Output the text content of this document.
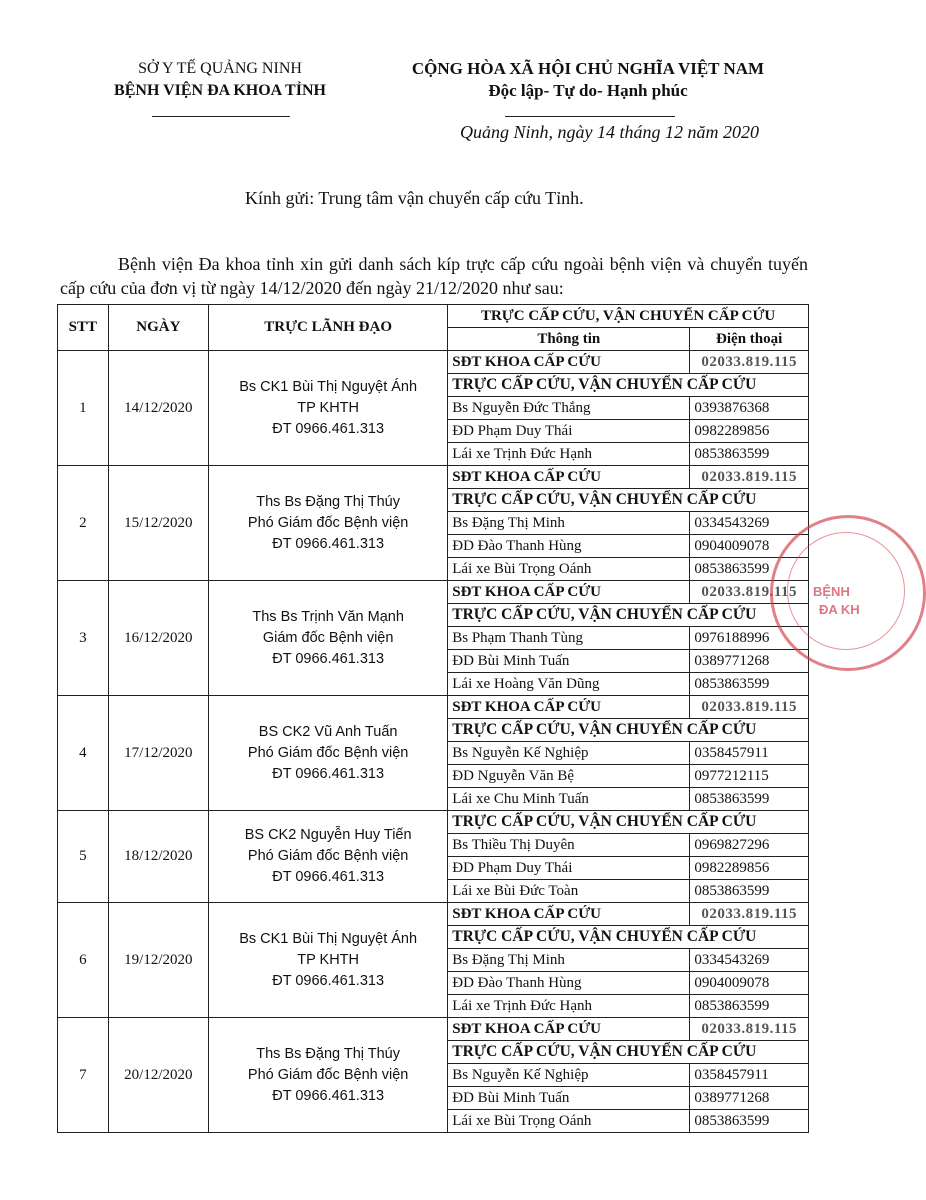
SỞ Y TẾ QUẢNG NINH
BỆNH VIỆN ĐA KHOA TỈNH
CỘNG HÒA XÃ HỘI CHỦ NGHĨA VIỆT NAM
Độc lập- Tự do- Hạnh phúc
Quảng Ninh, ngày 14 tháng 12 năm 2020
Kính gửi: Trung tâm vận chuyển cấp cứu Tỉnh.
Bệnh viện Đa khoa tỉnh xin gửi danh sách kíp trực cấp cứu ngoài bệnh viện và chuyển tuyến cấp cứu của đơn vị từ ngày 14/12/2020 đến ngày 21/12/2020 như sau:
STT	NGÀY	TRỰC LÃNH ĐẠO	TRỰC CẤP CỨU, VẬN CHUYỂN CẤP CỨU	
			Thông tin	Điện thoại
1	14/12/2020	Bs CK1 Bùi Thị Nguyệt Ánh
TP KHTH
ĐT 0966.461.313	SĐT KHOA CẤP CỨU	02033.819.115
			TRỰC CẤP CỨU, VẬN CHUYỂN CẤP CỨU	
			Bs Nguyễn Đức Thắng	0393876368
			ĐD Phạm Duy Thái	0982289856
			Lái xe Trịnh Đức Hạnh	0853863599
2	15/12/2020	Ths Bs Đặng Thị Thúy
Phó Giám đốc Bệnh viện
ĐT 0966.461.313	SĐT KHOA CẤP CỨU	02033.819.115
			TRỰC CẤP CỨU, VẬN CHUYỂN CẤP CỨU	
			Bs Đặng Thị Minh	0334543269
			ĐD Đào Thanh Hùng	0904009078
			Lái xe Bùi Trọng Oánh	0853863599
3	16/12/2020	Ths Bs Trịnh Văn Mạnh
Giám đốc Bệnh viện
ĐT 0966.461.313	SĐT KHOA CẤP CỨU	02033.819.115
			TRỰC CẤP CỨU, VẬN CHUYỂN CẤP CỨU	
			Bs Phạm Thanh Tùng	0976188996
			ĐD Bùi Minh Tuấn	0389771268
			Lái xe Hoàng Văn Dũng	0853863599
4	17/12/2020	BS CK2 Vũ Anh Tuấn
Phó Giám đốc Bệnh viện
ĐT 0966.461.313	SĐT KHOA CẤP CỨU	02033.819.115
			TRỰC CẤP CỨU, VẬN CHUYỂN CẤP CỨU	
			Bs Nguyễn Kế Nghiệp	0358457911
			ĐD Nguyễn Văn Bệ	0977212115
			Lái xe Chu Minh Tuấn	0853863599
5	18/12/2020	BS CK2 Nguyễn Huy Tiến
Phó Giám đốc Bệnh viện
ĐT 0966.461.313	TRỰC CẤP CỨU, VẬN CHUYỂN CẤP CỨU	
			Bs Thiều Thị Duyên	0969827296
			ĐD Phạm Duy Thái	0982289856
			Lái xe Bùi Đức Toàn	0853863599
6	19/12/2020	Bs CK1 Bùi Thị Nguyệt Ánh
TP KHTH
ĐT 0966.461.313	SĐT KHOA CẤP CỨU	02033.819.115
			TRỰC CẤP CỨU, VẬN CHUYỂN CẤP CỨU	
			Bs Đặng Thị Minh	0334543269
			ĐD Đào Thanh Hùng	0904009078
			Lái xe Trịnh Đức Hạnh	0853863599
7	20/12/2020	Ths Bs Đặng Thị Thúy
Phó Giám đốc Bệnh viện
ĐT 0966.461.313	SĐT KHOA CẤP CỨU	02033.819.115
			TRỰC CẤP CỨU, VẬN CHUYỂN CẤP CỨU	
			Bs Nguyễn Kế Nghiệp	0358457911
			ĐD Bùi Minh Tuấn	0389771268
			Lái xe Bùi Trọng Oánh	0853863599
BỆNH
ĐA KH
